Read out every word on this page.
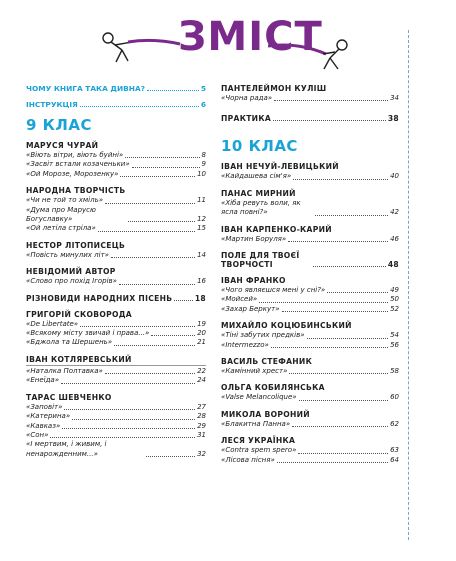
ЗМІСТ
ЧОМУ КНИГА ТАКА ДИВНА?	5
ІНСТРУКЦІЯ	6
9 КЛАС
МАРУСЯ ЧУРАЙ
«Віють вітри, віють буйні»	8
«Засвіт встали козаченьки»	9
«Ой Морозе, Морозенку»	10
НАРОДНА ТВОРЧІСТЬ
«Чи не той то хміль»	11
«Дума про Марусю Богуславку»	12
«Ой летіла стріла»	15
НЕСТОР ЛІТОПИСЕЦЬ
«Повість минулих літ»	14
НЕВІДОМИЙ АВТОР
«Слово про похід Ігорів»	16
РІЗНОВИДИ НАРОДНИХ ПІСЕНЬ	18
ГРИГОРІЙ СКОВОРОДА
«De Libertate»	19
«Всякому місту звичай і права...»	20
«Бджола та Шершень»	21
ІВАН КОТЛЯРЕВСЬКИЙ
«Наталка Полтавка»	22
«Енеїда»	24
ТАРАС ШЕВЧЕНКО
«Заповіт»	27
«Катерина»	28
«Кавказ»	29
«Сон»	31
«І мертвим, і живим, і ненарожденним...»	32
ПАНТЕЛЕЙМОН КУЛІШ
«Чорна рада»	34
ПРАКТИКА	38
10 КЛАС
ІВАН НЕЧУЙ-ЛЕВИЦЬКИЙ
«Кайдашева сім'я»	40
ПАНАС МИРНИЙ
«Хіба ревуть воли, як ясла повні?»	42
ІВАН КАРПЕНКО-КАРИЙ
«Мартин Боруля»	46
ПОЛЕ ДЛЯ ТВОЄЇ ТВОРЧОСТІ	48
ІВАН ФРАНКО
«Чого являєшся мені у сні?»	49
«Мойсей»	50
«Захар Беркут»	52
МИХАЙЛО КОЦЮБИНСЬКИЙ
«Тіні забутих предків»	54
«Intermezzo»	56
ВАСИЛЬ СТЕФАНИК
«Камінний хрест»	58
ОЛЬГА КОБИЛЯНСЬКА
«Valse Melancolique»	60
МИКОЛА ВОРОНИЙ
«Блакитна Панна»	62
ЛЕСЯ УКРАЇНКА
«Contra spem spero»	63
«Лісова пісня»	64
